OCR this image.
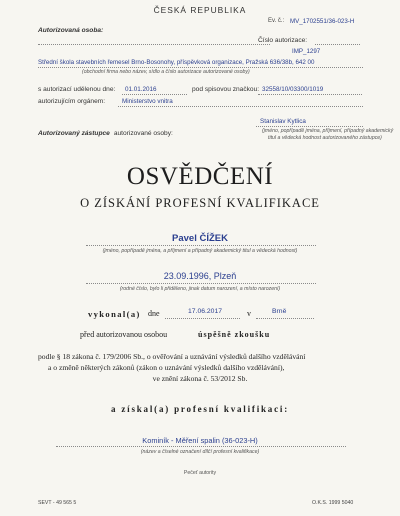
ČESKÁ REPUBLIKA
Ev. č.: MV_1702551/36-023-H
Autorizovaná osoba:
Číslo autorizace:
IMP_1297
Střední škola stavebních řemesel Brno-Bosonohy, příspěvková organizace, Pražská 636/38b, 642 00
(obchodní firma nebo název, sídlo a číslo autorizace autorizované osoby)
s autorizací udělenou dne: 01.01.2016	pod spisovou značkou: 32558/10/03300/1019
autorizujícím orgánem:	Ministerstvo vnitra
Autorizovaný zástupce autorizované osoby:
Stanislav Kytlica
(jméno, popřípadě jména, příjmení, případný akademický
titul a vědecká hodnost autorizovaného zástupce)
OSVĚDČENÍ
O ZÍSKÁNÍ PROFESNÍ KVALIFIKACE
Pavel ČÍŽEK
(jméno, popřípadě jména, a příjmení a případný akademický titul a vědecká hodnost)
23.09.1996, Plzeň
(rodné číslo, bylo li přiděleno, jinak datum narození, a místo narození)
vykonal(a) dne	17.06.2017	v	Brně
před autorizovanou osobou	úspěšně zkoušku
podle § 18 zákona č. 179/2006 Sb., o ověřování a uznávání výsledků dalšího vzdělávání
a o změně některých zákonů (zákon o uznávání výsledků dalšího vzdělávání),
ve znění zákona č. 53/2012 Sb.
a získal(a) profesní kvalifikaci:
Kominík - Měření spalin (36-023-H)
(název a číselné označení dílčí profesní kvalifikace)
Pečeť autority
SEVT - 49 565 5	O.K.S. 1999 5040
